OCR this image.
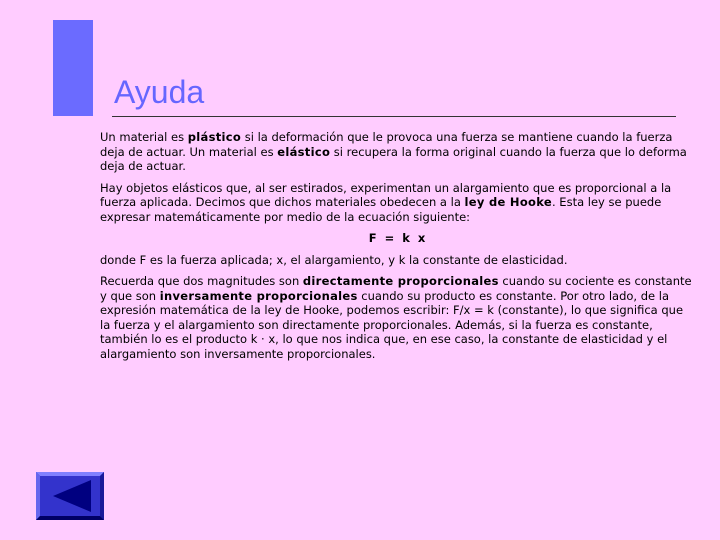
Ayuda

Un material es plástico si la deformación que le provoca una fuerza se mantiene cuando la fuerza deja de actuar. Un material es elástico si recupera la forma original cuando la fuerza que lo deforma deja de actuar.

Hay objetos elásticos que, al ser estirados, experimentan un alargamiento que es proporcional a la fuerza aplicada. Decimos que dichos materiales obedecen a la ley de Hooke. Esta ley se puede expresar matemáticamente por medio de la ecuación siguiente:

F = k x

donde F es la fuerza aplicada; x, el alargamiento, y k la constante de elasticidad.

Recuerda que dos magnitudes son directamente proporcionales cuando su cociente es constante y que son inversamente proporcionales cuando su producto es constante. Por otro lado, de la expresión matemática de la ley de Hooke, podemos escribir: F/x = k (constante), lo que significa que la fuerza y el alargamiento son directamente proporcionales. Además, si la fuerza es constante, también lo es el producto k · x, lo que nos indica que, en ese caso, la constante de elasticidad y el alargamiento son inversamente proporcionales.
